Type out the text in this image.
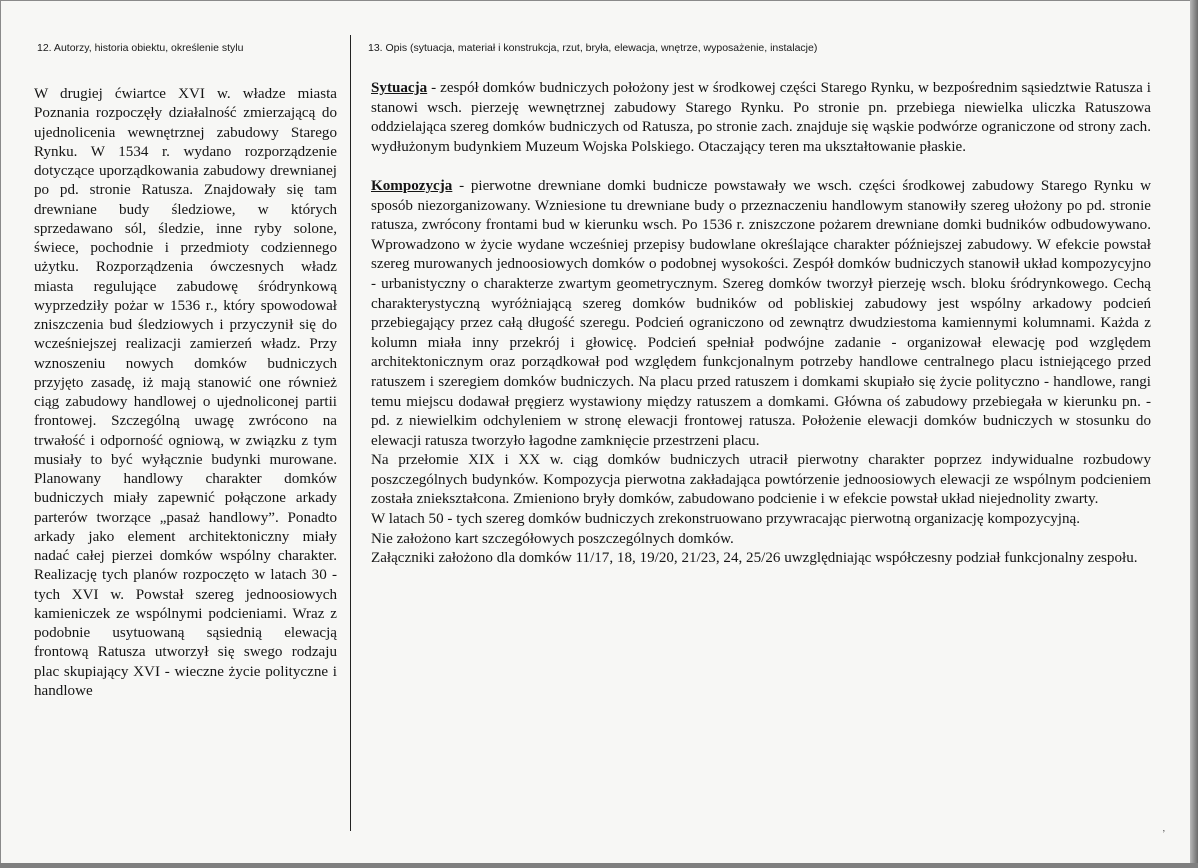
12. Autorzy, historia obiektu, określenie stylu	13. Opis (sytuacja, materiał i konstrukcja, rzut, bryła, elewacja, wnętrze, wyposażenie, instalacje)
W drugiej ćwiartce XVI w. władze miasta Poznania rozpoczęły działalność zmierzającą do ujednolicenia wewnętrznej zabudowy Starego Rynku. W 1534 r. wydano rozporządzenie dotyczące uporządkowania zabudowy drewnianej po pd. stronie Ratusza. Znajdowały się tam drewniane budy śledziowe, w których sprzedawano sól, śledzie, inne ryby solone, świece, pochodnie i przedmioty codziennego użytku. Rozporządzenia ówczesnych władz miasta regulujące zabudowę śródrynkową wyprzedziły pożar w 1536 r., który spowodował zniszczenia bud śledziowych i przyczynił się do wcześniejszej realizacji zamierzeń władz. Przy wznoszeniu nowych domków budniczych przyjęto zasadę, iż mają stanowić one również ciąg zabudowy handlowej o ujednoliconej partii frontowej. Szczególną uwagę zwrócono na trwałość i odporność ogniową, w związku z tym musiały to być wyłącznie budynki murowane. Planowany handlowy charakter domków budniczych miały zapewnić połączone arkady parterów tworzące „pasaż handlowy”. Ponadto arkady jako element architektoniczny miały nadać całej pierzei domków wspólny charakter. Realizację tych planów rozpoczęto w latach 30 - tych XVI w. Powstał szereg jednoosiowych kamieniczek ze wspólnymi podcieniami. Wraz z podobnie usytuowaną sąsiednią elewacją frontową Ratusza utworzył się swego rodzaju plac skupiający XVI - wieczne życie polityczne i handlowe

Sytuacja - zespół domków budniczych położony jest w środkowej części Starego Rynku, w bezpośrednim sąsiedztwie Ratusza i stanowi wsch. pierzeję wewnętrznej zabudowy Starego Rynku. Po stronie pn. przebiega niewielka uliczka Ratuszowa oddzielająca szereg domków budniczych od Ratusza, po stronie zach. znajduje się wąskie podwórze ograniczone od strony zach. wydłużonym budynkiem Muzeum Wojska Polskiego. Otaczający teren ma ukształtowanie płaskie.

Kompozycja - pierwotne drewniane domki budnicze powstawały we wsch. części środkowej zabudowy Starego Rynku w sposób niezorganizowany. Wzniesione tu drewniane budy o przeznaczeniu handlowym stanowiły szereg ułożony po pd. stronie ratusza, zwrócony frontami bud w kierunku wsch. Po 1536 r. zniszczone pożarem drewniane domki budników odbudowywano. Wprowadzono w życie wydane wcześniej przepisy budowlane określające charakter późniejszej zabudowy. W efekcie powstał szereg murowanych jednoosiowych domków o podobnej wysokości. Zespół domków budniczych stanowił układ kompozycyjno - urbanistyczny o charakterze zwartym geometrycznym. Szereg domków tworzył pierzeję wsch. bloku śródrynkowego. Cechą charakterystyczną wyróżniającą szereg domków budników od pobliskiej zabudowy jest wspólny arkadowy podcień przebiegający przez całą długość szeregu. Podcień ograniczono od zewnątrz dwudziestoma kamiennymi kolumnami. Każda z kolumn miała inny przekrój i głowicę. Podcień spełniał podwójne zadanie - organizował elewację pod względem architektonicznym oraz porządkował pod względem funkcjonalnym potrzeby handlowe centralnego placu istniejącego przed ratuszem i szeregiem domków budniczych. Na placu przed ratuszem i domkami skupiało się życie polityczno - handlowe, rangi temu miejscu dodawał pręgierz wystawiony między ratuszem a domkami. Główna oś zabudowy przebiegała w kierunku pn. - pd. z niewielkim odchyleniem w stronę elewacji frontowej ratusza. Położenie elewacji domków budniczych w stosunku do elewacji ratusza tworzyło łagodne zamknięcie przestrzeni placu.

Na przełomie XIX i XX w. ciąg domków budniczych utracił pierwotny charakter poprzez indywidualne rozbudowy poszczególnych budynków. Kompozycja pierwotna zakładająca powtórzenie jednoosiowych elewacji ze wspólnym podcieniem została zniekształcona. Zmieniono bryły domków, zabudowano podcienie i w efekcie powstał układ niejednolity zwarty.

W latach 50 - tych szereg domków budniczych zrekonstruowano przywracając pierwotną organizację kompozycyjną.

Nie założono kart szczegółowych poszczególnych domków.

Załączniki założono dla domków 11/17, 18, 19/20, 21/23, 24, 25/26 uwzględniając współczesny podział funkcjonalny zespołu.

,
